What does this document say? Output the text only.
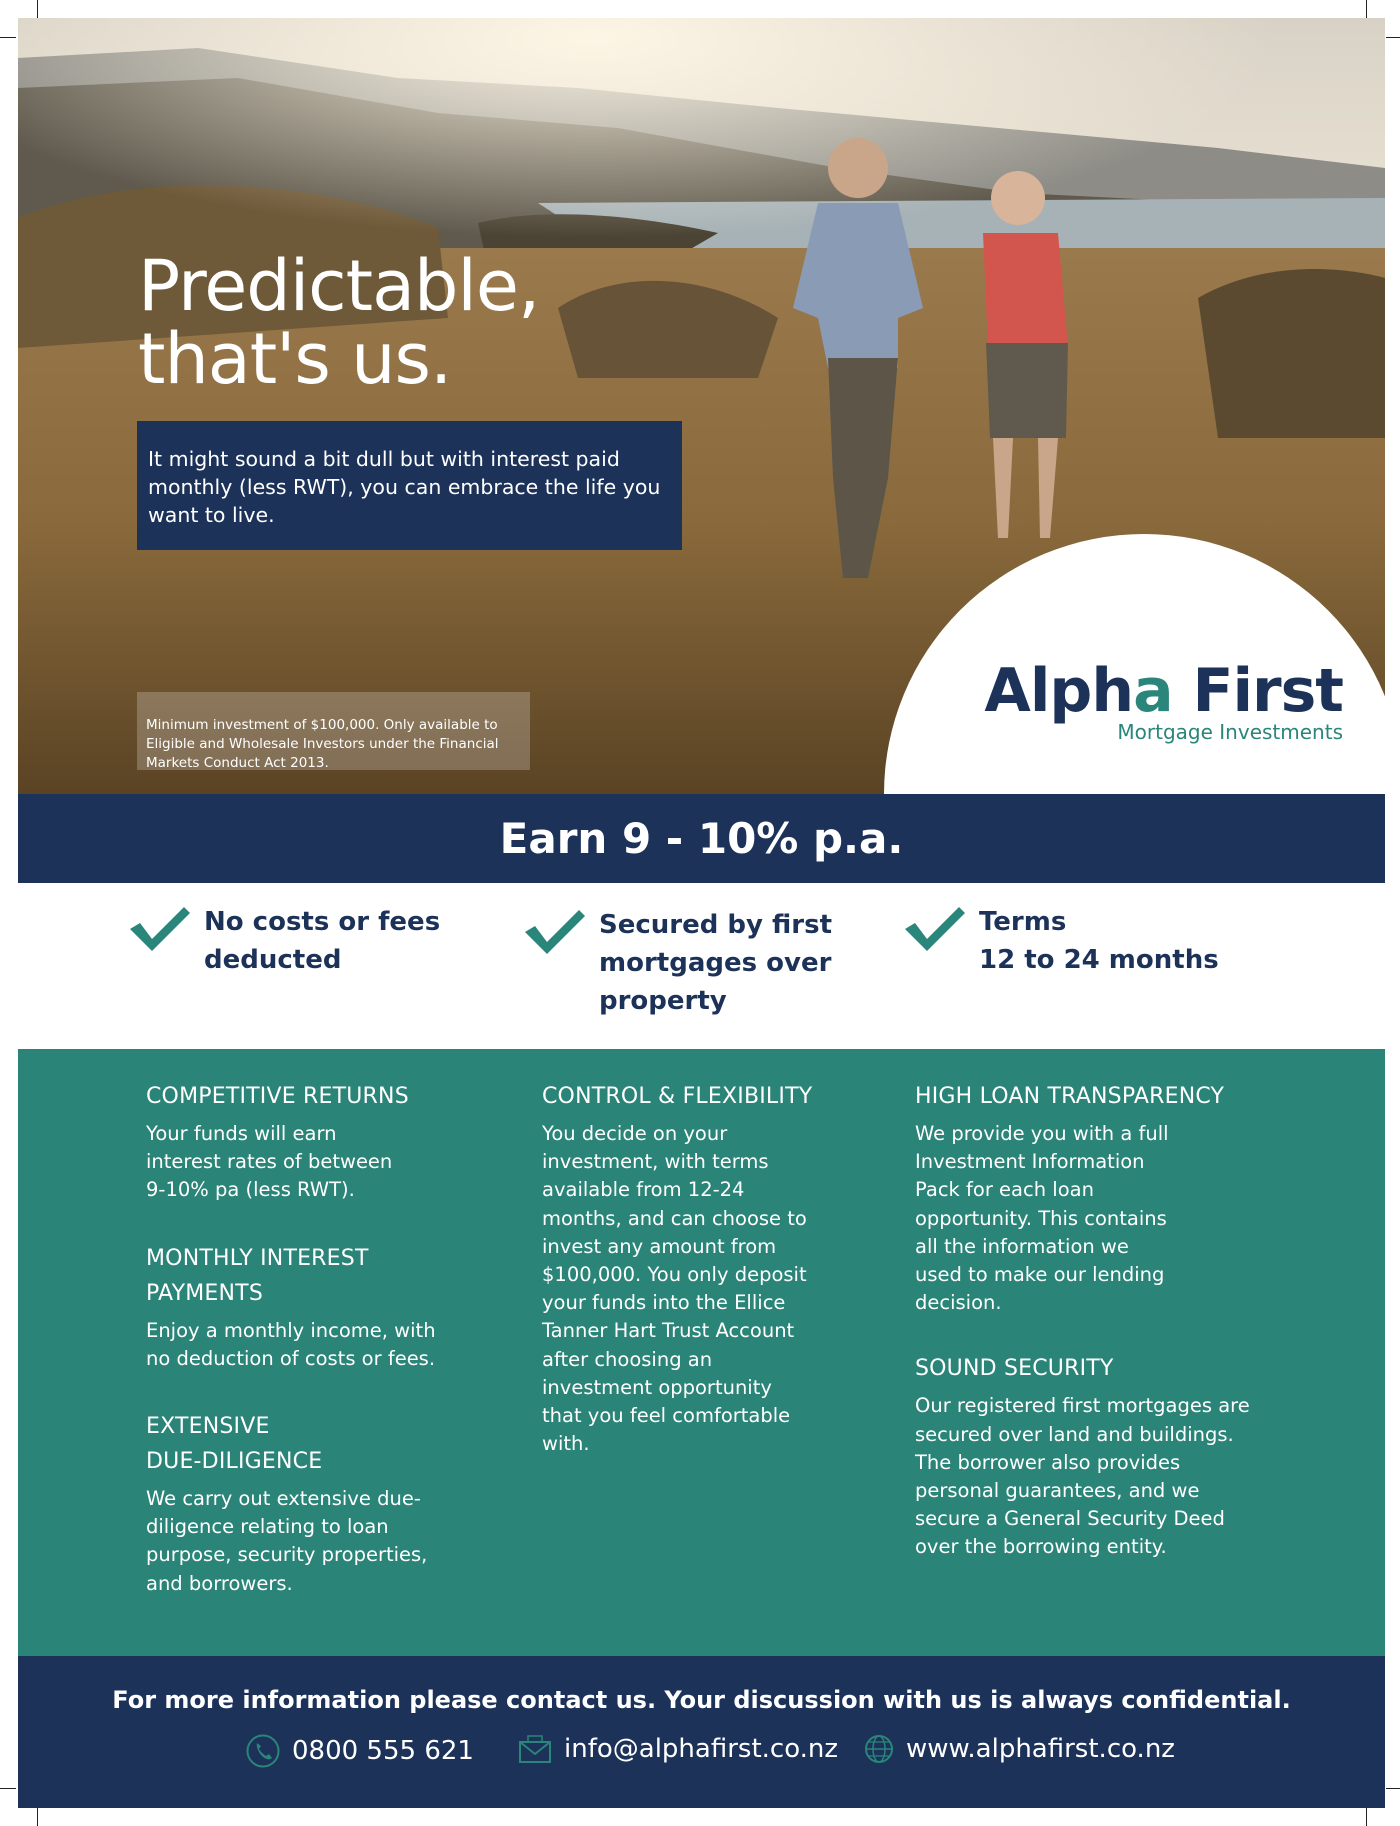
Predictable,
that's us.
It might sound a bit dull but with interest paid monthly (less RWT), you can embrace the life you want to live.
Minimum investment of $100,000. Only available to Eligible and Wholesale Investors under the Financial Markets Conduct Act 2013.
Alpha First
Mortgage Investments
Earn 9 - 10% p.a.
No costs or fees
deducted
Secured by first
mortgages over
property
Terms
12 to 24 months
COMPETITIVE RETURNS

Your funds will earn interest rates of between 9-10% pa (less RWT).

MONTHLY INTEREST PAYMENTS

Enjoy a monthly income, with no deduction of costs or fees.

EXTENSIVE
DUE-DILIGENCE

We carry out extensive due-diligence relating to loan purpose, security properties, and borrowers.

CONTROL & FLEXIBILITY

You decide on your investment, with terms available from 12-24 months, and can choose to invest any amount from $100,000. You only deposit your funds into the Ellice Tanner Hart Trust Account after choosing an investment opportunity that you feel comfortable with.

HIGH LOAN TRANSPARENCY

We provide you with a full Investment Information Pack for each loan opportunity. This contains all the information we used to make our lending decision.

SOUND SECURITY

Our registered first mortgages are secured over land and buildings. The borrower also provides personal guarantees, and we secure a General Security Deed over the borrowing entity.

For more information please contact us. Your discussion with us is always confidential.
0800 555 621	info@alphafirst.co.nz	www.alphafirst.co.nz
